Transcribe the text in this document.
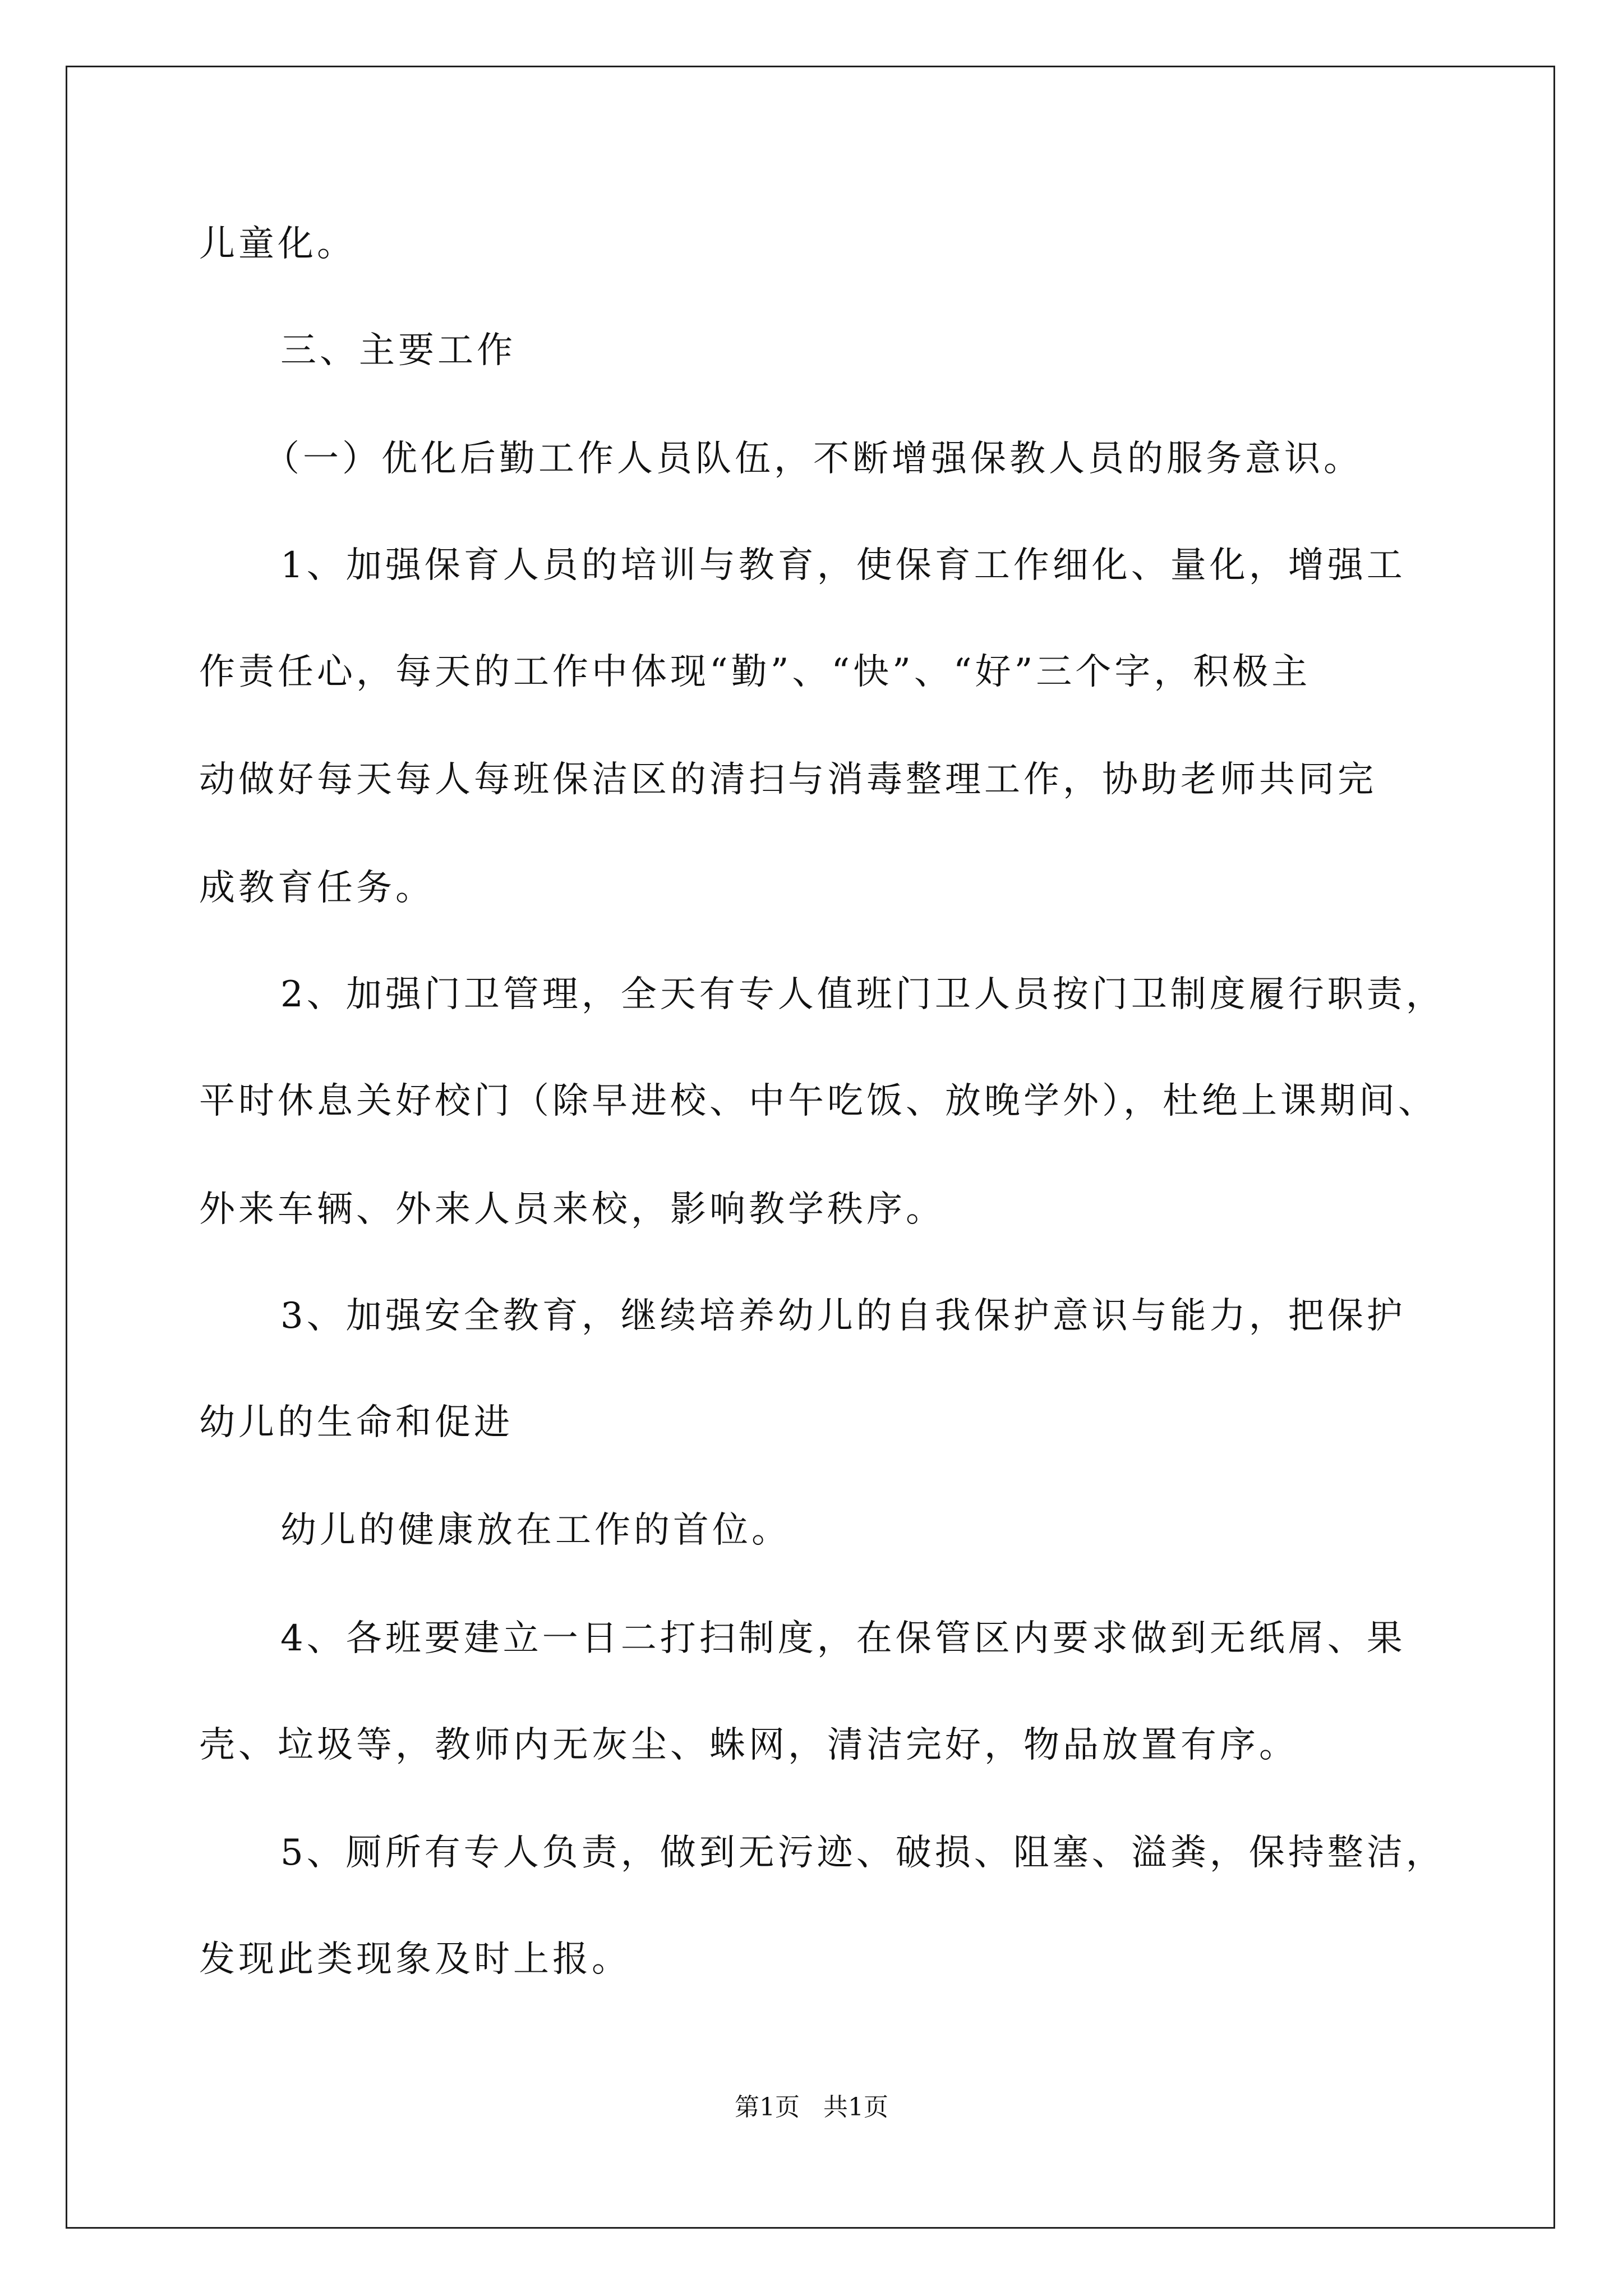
儿童化。
三、主要工作
（一）优化后勤工作人员队伍，不断增强保教人员的服务意识。
1、加强保育人员的培训与教育，使保育工作细化、量化，增强工
作责任心，每天的工作中体现“勤”、“快”、“好”三个字，积极主
动做好每天每人每班保洁区的清扫与消毒整理工作，协助老师共同完
成教育任务。
2、加强门卫管理，全天有专人值班门卫人员按门卫制度履行职责，
平时休息关好校门（除早进校、中午吃饭、放晚学外），杜绝上课期间、
外来车辆、外来人员来校，影响教学秩序。
3、加强安全教育，继续培养幼儿的自我保护意识与能力，把保护
幼儿的生命和促进
幼儿的健康放在工作的首位。
4、各班要建立一日二打扫制度，在保管区内要求做到无纸屑、果
壳、垃圾等，教师内无灰尘、蛛网，清洁完好，物品放置有序。
5、厕所有专人负责，做到无污迹、破损、阻塞、溢粪，保持整洁，
发现此类现象及时上报。
第1页   共1页
